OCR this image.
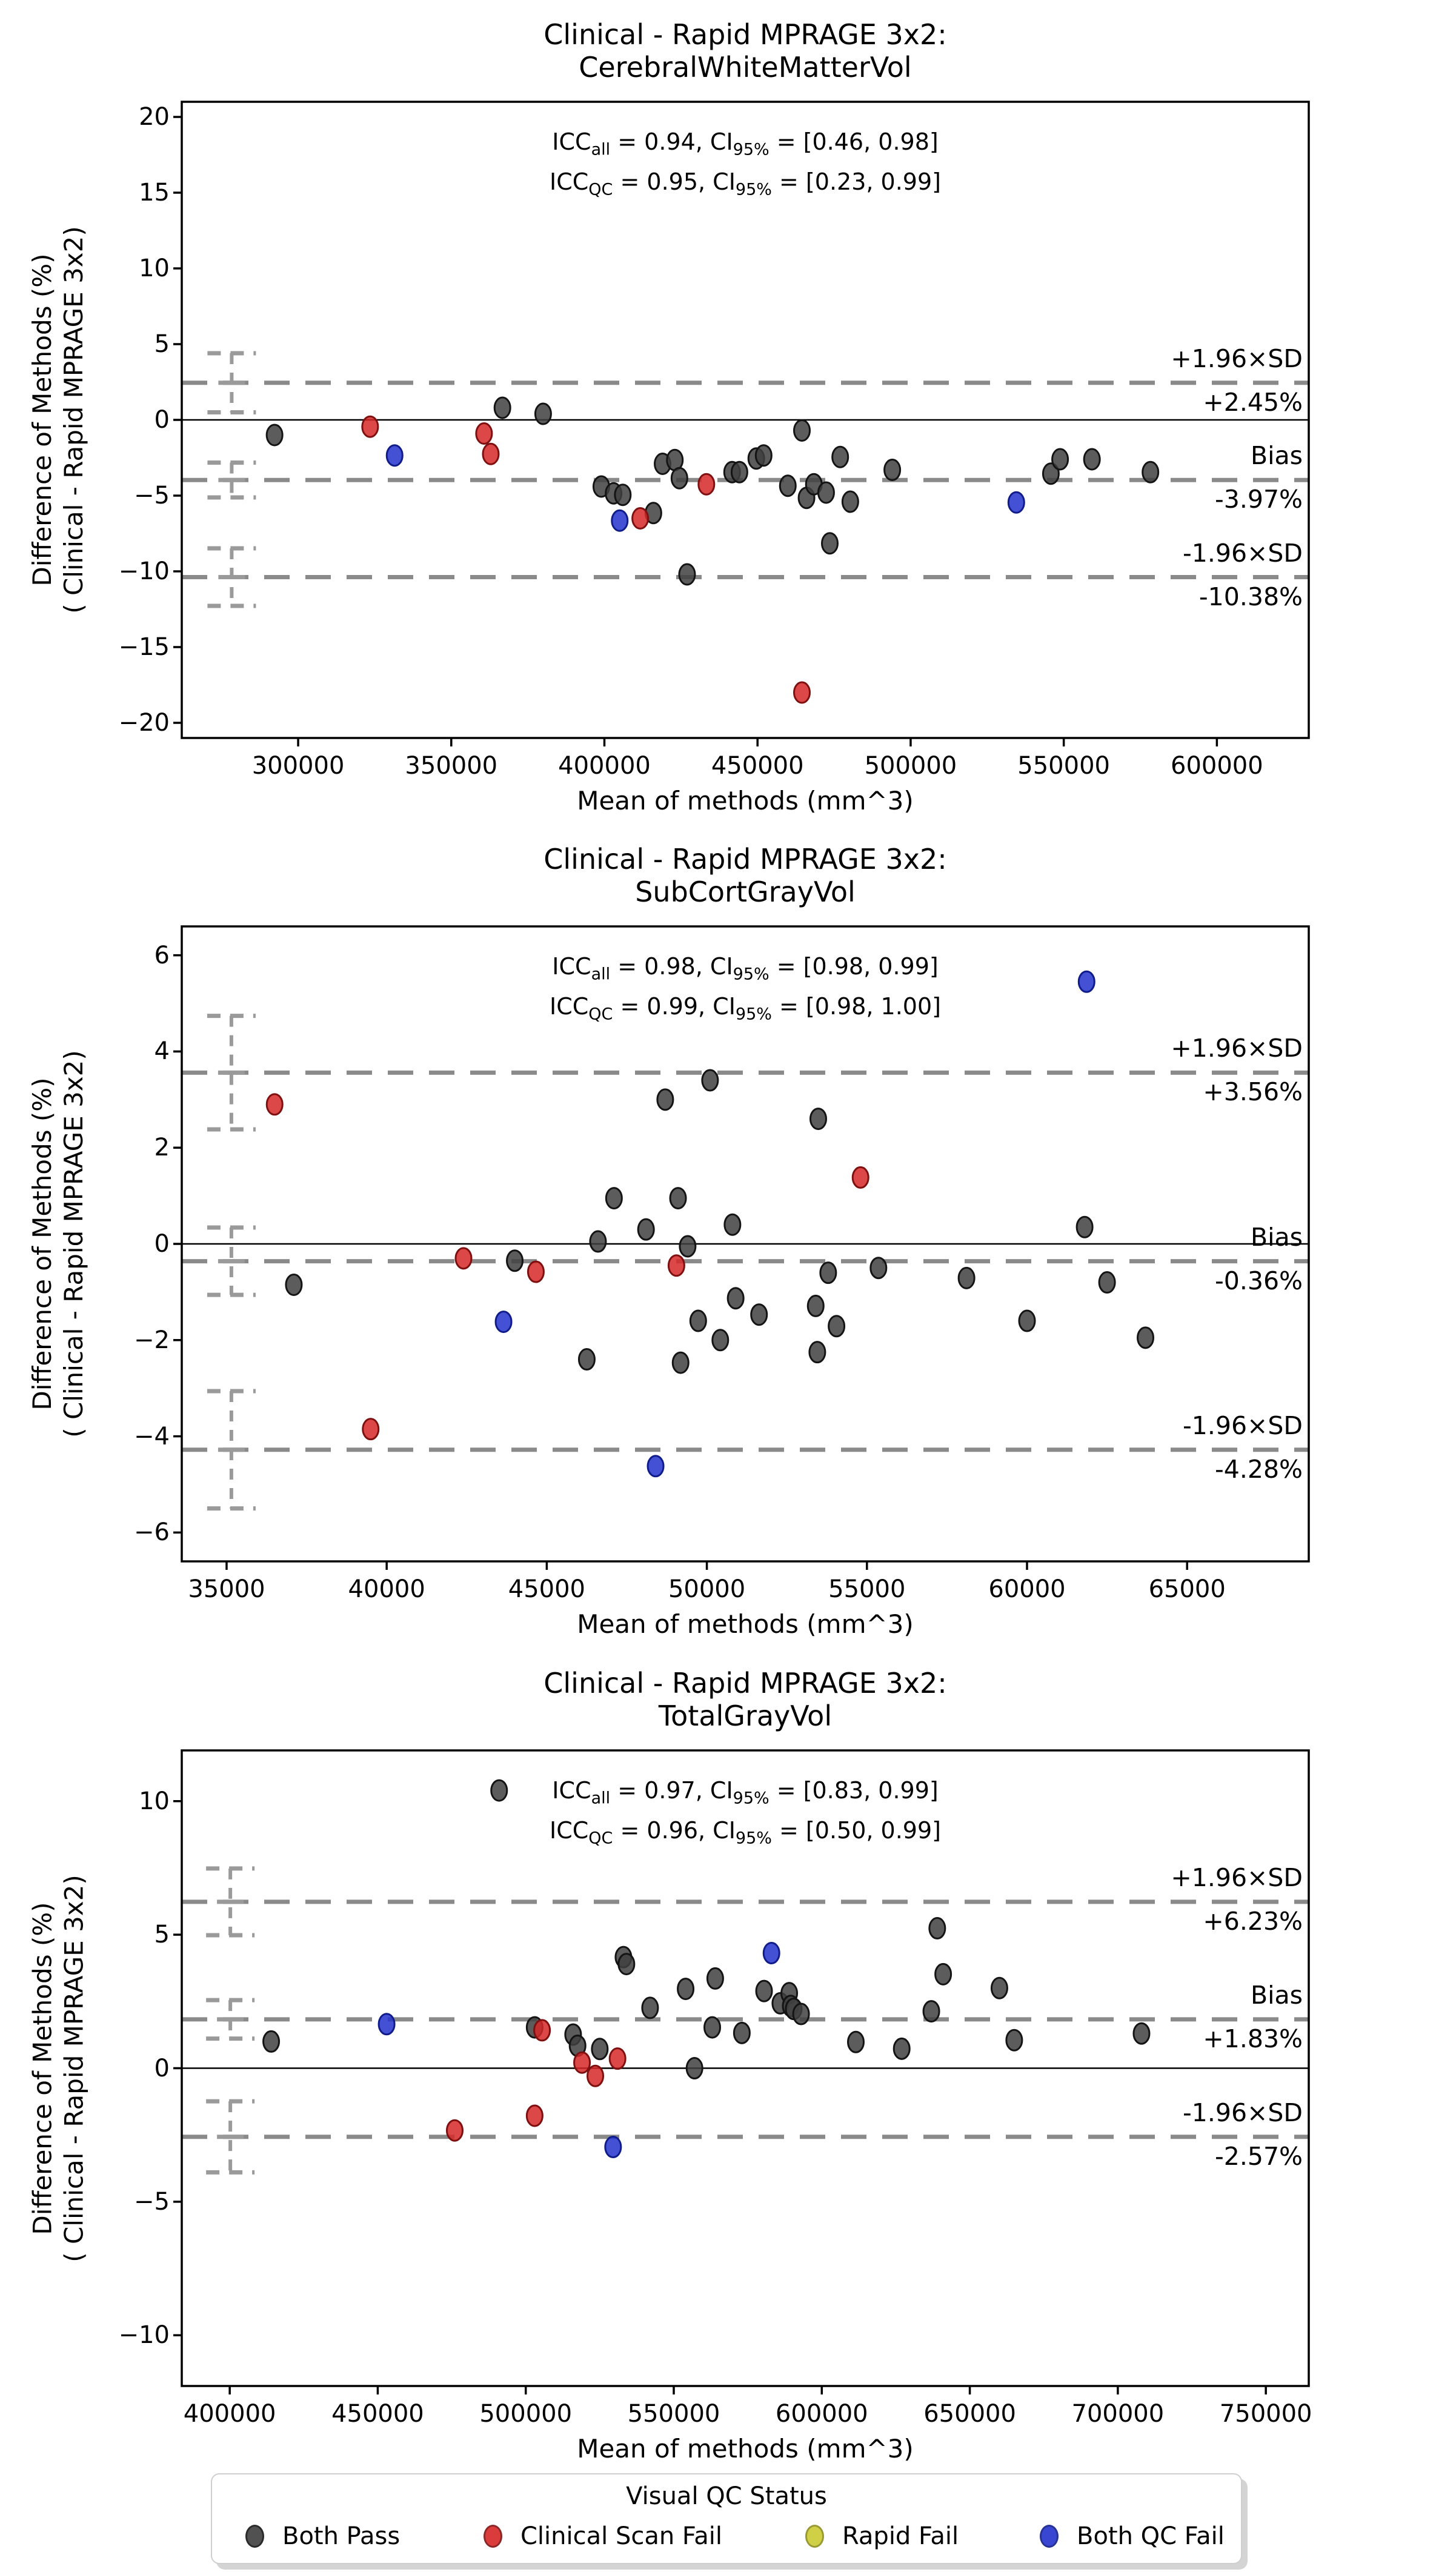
Clinical - Rapid MPRAGE 3x2:
CerebralWhiteMatterVol
$ICC_{all} = 0.94$, $CI_{95\%} = [0.46$, 0.98]
$ICC_{QC} = 0.95$, $CI_{95\%} = [0.23$, 0.99]
+1.96×SD
+2.45%
Bias
-3.97%
-1.96×SD
-10.38%
Mean of methods (mm^3)
Difference of Methods (%)
( Clinical - Rapid MPRAGE 3x2)
Clinical - Rapid MPRAGE 3x2:
SubCortGrayVol
$ICC_{all} = 0.98$, $CI_{95\%} = [0.98$, 0.99]
$ICC_{QC} = 0.99$, $CI_{95\%} = [0.98$, 1.00]
+1.96×SD
+3.56%
Bias
-0.36%
-1.96×SD
-4.28%
Mean of methods (mm^3)
Difference of Methods (%)
( Clinical - Rapid MPRAGE 3x2)
Clinical - Rapid MPRAGE 3x2:
TotalGrayVol
$ICC_{all} = 0.97$, $CI_{95\%} = [0.83$, 0.99]
$ICC_{QC} = 0.96$, $CI_{95\%} = [0.50$, 0.99]
+1.96×SD
+6.23%
Bias
+1.83%
-1.96×SD
-2.57%
Mean of methods (mm^3)
Difference of Methods (%)
( Clinical - Rapid MPRAGE 3x2)
Visual QC Status
Both Pass	Clinical Scan Fail	Rapid Fail	Both QC Fail
300000	350000	400000	450000	500000	550000	600000
20
15
10
5
0
−5
−10
−15
−20
35000	40000	45000	50000	55000	60000	65000
6
4
2
0
−2
−4
−6
400000	450000	500000	550000	600000	650000	700000	750000
10
5
0
−5
−10
